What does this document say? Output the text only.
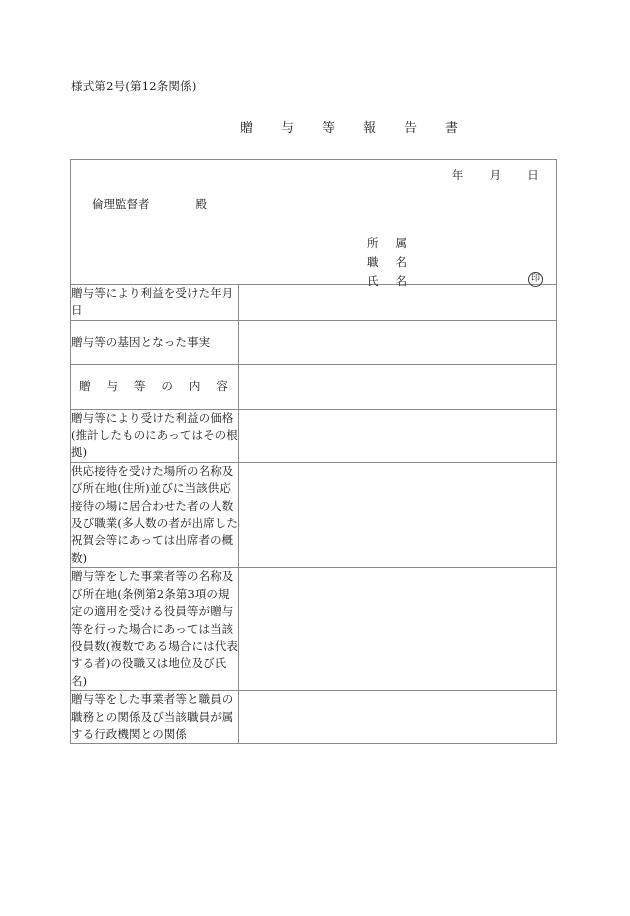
様式第2号(第12条関係)
贈　与　等　報　告　書
年 月 日
倫理監督者	殿
所　属
職　名
氏　名	印

贈与等により利益を受けた年月日	
贈与等の基因となった事実	
贈与等の内容	
贈与等により受けた利益の価格(推計したものにあってはその根拠)	
供応接待を受けた場所の名称及び所在地(住所)並びに当該供応接待の場に居合わせた者の人数及び職業(多人数の者が出席した祝賀会等にあっては出席者の概数)	
贈与等をした事業者等の名称及び所在地(条例第2条第3項の規定の適用を受ける役員等が贈与等を行った場合にあっては当該役員数(複数である場合には代表する者)の役職又は地位及び氏名)	
贈与等をした事業者等と職員の職務との関係及び当該職員が属する行政機関との関係	
